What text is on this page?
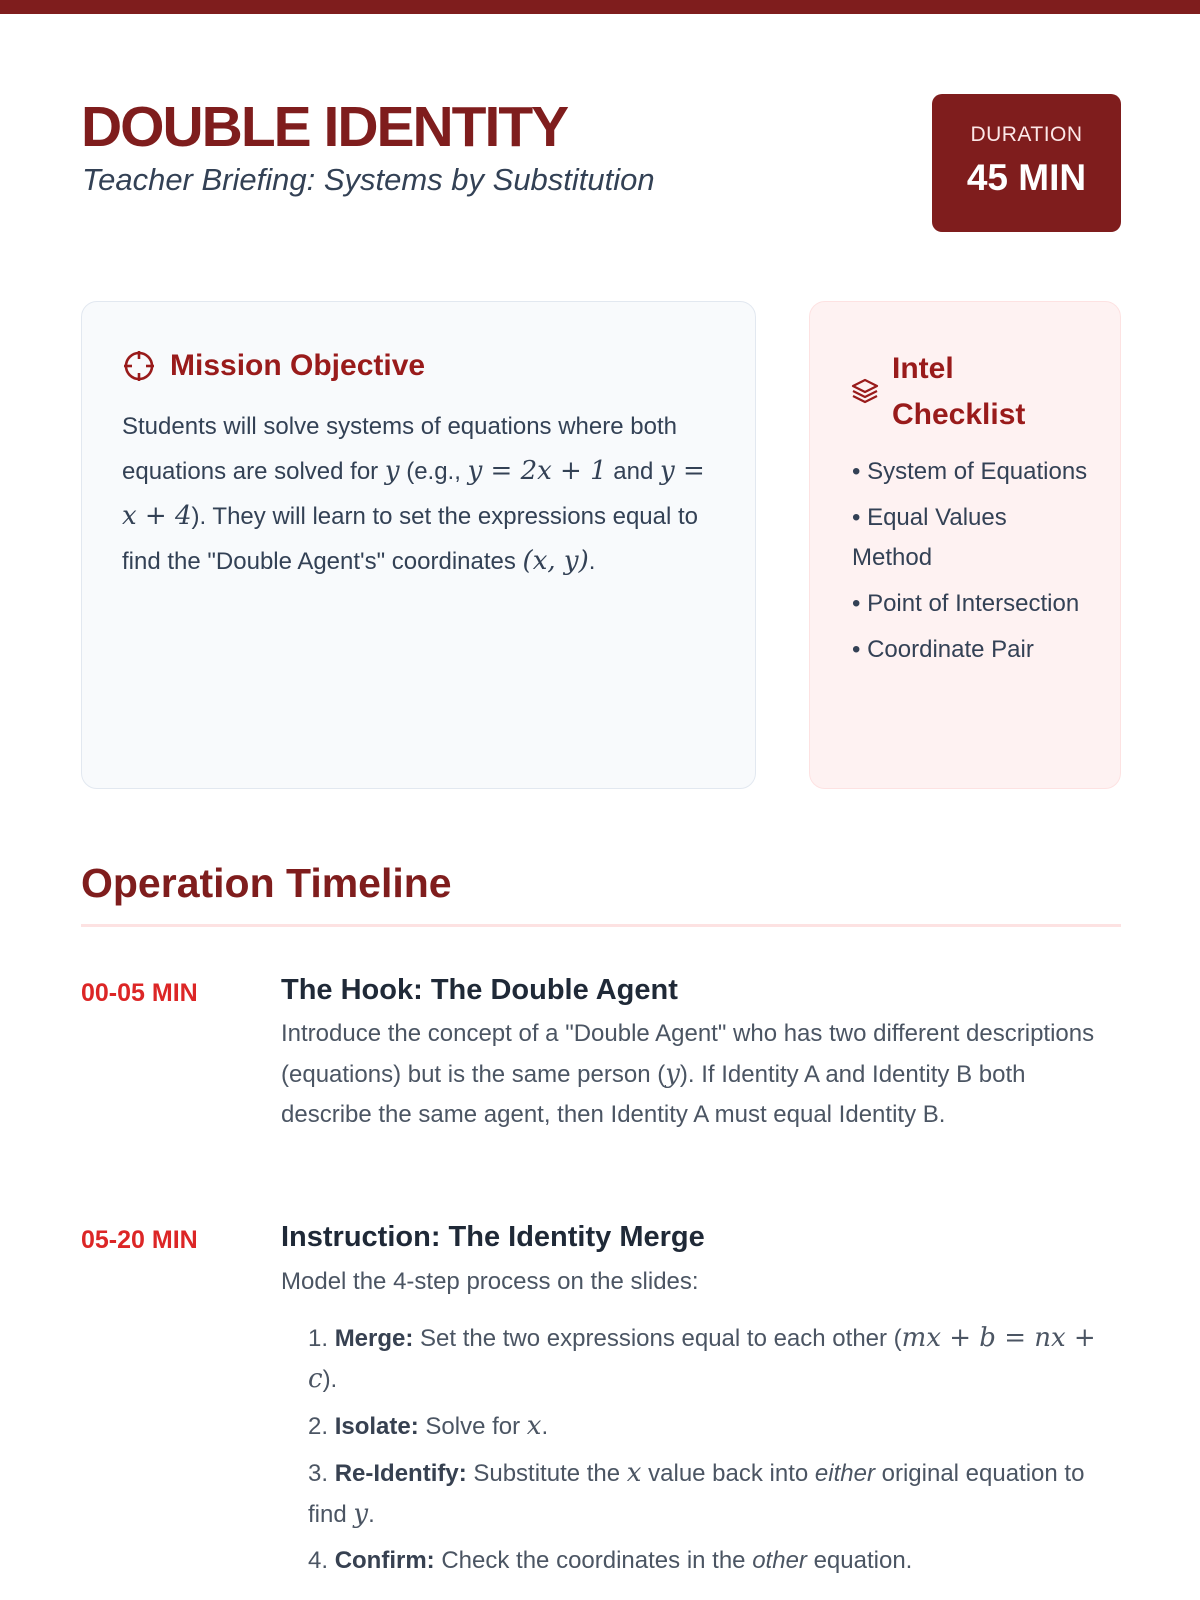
DOUBLE IDENTITY
Teacher Briefing: Systems by Substitution
DURATION
45 MIN
Mission Objective

Students will solve systems of equations where both equations are solved for y (e.g., y = 2x + 1 and y = x + 4). They will learn to set the expressions equal to find the "Double Agent's" coordinates (x, y).

Intel Checklist
• System of Equations
• Equal Values Method
• Point of Intersection
• Coordinate Pair
Operation Timeline
00-05 MIN	The Hook: The Double Agent

Introduce the concept of a "Double Agent" who has two different descriptions (equations) but is the same person (y). If Identity A and Identity B both describe the same agent, then Identity A must equal Identity B.

05-20 MIN	Instruction: The Identity Merge

Model the 4-step process on the slides:

1. Merge: Set the two expressions equal to each other (mx + b = nx + c).
2. Isolate: Solve for x.
3. Re-Identify: Substitute the x value back into either original equation to find y.
4. Confirm: Check the coordinates in the other equation.
